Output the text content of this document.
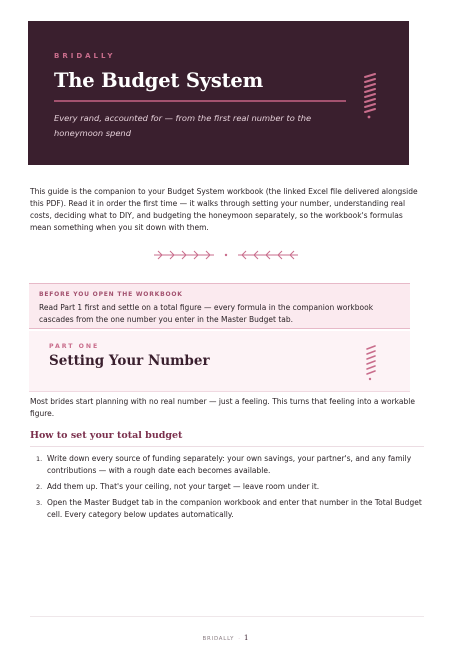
BRIDALLY
The Budget System
Every rand, accounted for — from the first real number to the honeymoon spend

This guide is the companion to your Budget System workbook (the linked Excel file delivered alongside this PDF). Read it in order the first time — it walks through setting your number, understanding real costs, deciding what to DIY, and budgeting the honeymoon separately, so the workbook's formulas mean something when you sit down with them.

BEFORE YOU OPEN THE WORKBOOK
Read Part 1 first and settle on a total figure — every formula in the companion workbook cascades from the one number you enter in the Master Budget tab.
PART ONE
Setting Your Number

Most brides start planning with no real number — just a feeling. This turns that feeling into a workable figure.

How to set your total budget
1. Write down every source of funding separately: your own savings, your partner's, and any family contributions — with a rough date each becomes available.
2. Add them up. That's your ceiling, not your target — leave room under it.
3. Open the Master Budget tab in the companion workbook and enter that number in the Total Budget cell. Every category below updates automatically.
BRIDALLY · 1
